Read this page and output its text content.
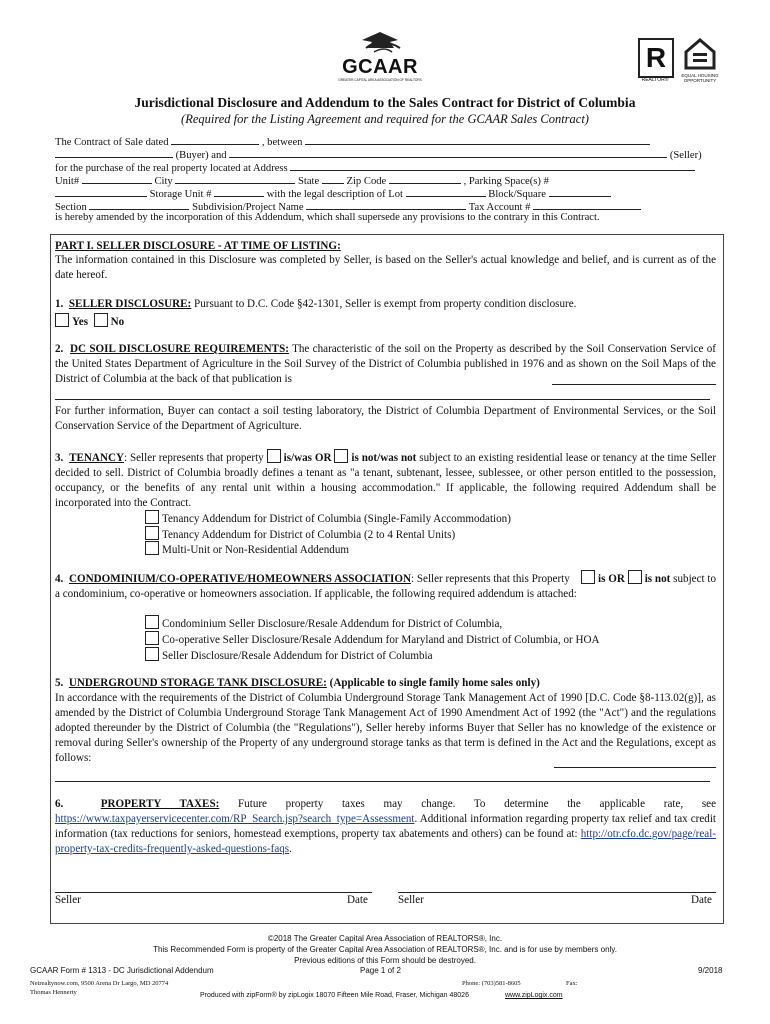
GCAAR
GREATER CAPITAL AREA ASSOCIATION OF REALTORS
R
REALTOR®
EQUAL HOUSING OPPORTUNITY
Jurisdictional Disclosure and Addendum to the Sales Contract for District of Columbia
(Required for the Listing Agreement and required for the GCAAR Sales Contract)
The Contract of Sale dated	, between
(Buyer) and	(Seller)
for the purchase of the real property located at Address
Unit#	City	State	Zip Code	, Parking Space(s) #
Storage Unit #	with the legal description of Lot	Block/Square
Section	Subdivision/Project Name	Tax Account #
is hereby amended by the incorporation of this Addendum, which shall supersede any provisions to the contrary in this Contract.
PART I. SELLER DISCLOSURE - AT TIME OF LISTING:
The information contained in this Disclosure was completed by Seller, is based on the Seller's actual knowledge and belief, and is current as of the date hereof.
1. SELLER DISCLOSURE: Pursuant to D.C. Code §42-1301, Seller is exempt from property condition disclosure.
Yes No
2. DC SOIL DISCLOSURE REQUIREMENTS: The characteristic of the soil on the Property as described by the Soil Conservation Service of the United States Department of Agriculture in the Soil Survey of the District of Columbia published in 1976 and as shown on the Soil Maps of the District of Columbia at the back of that publication is
For further information, Buyer can contact a soil testing laboratory, the District of Columbia Department of Environmental Services, or the Soil Conservation Service of the Department of Agriculture.
3. TENANCY: Seller represents that property is/was OR is not/was not subject to an existing residential lease or tenancy at the time Seller decided to sell. District of Columbia broadly defines a tenant as "a tenant, subtenant, lessee, sublessee, or other person entitled to the possession, occupancy, or the benefits of any rental unit within a housing accommodation." If applicable, the following required Addendum shall be incorporated into the Contract.
Tenancy Addendum for District of Columbia (Single-Family Accommodation)
Tenancy Addendum for District of Columbia (2 to 4 Rental Units)
Multi-Unit or Non-Residential Addendum
4. CONDOMINIUM/CO-OPERATIVE/HOMEOWNERS ASSOCIATION: Seller represents that this Property	is OR is not subject to a condominium, co-operative or homeowners association. If applicable, the following required addendum is attached:
Condominium Seller Disclosure/Resale Addendum for District of Columbia,
Co-operative Seller Disclosure/Resale Addendum for Maryland and District of Columbia, or HOA
Seller Disclosure/Resale Addendum for District of Columbia
5. UNDERGROUND STORAGE TANK DISCLOSURE: (Applicable to single family home sales only)
In accordance with the requirements of the District of Columbia Underground Storage Tank Management Act of 1990 [D.C. Code §8-113.02(g)], as amended by the District of Columbia Underground Storage Tank Management Act of 1990 Amendment Act of 1992 (the "Act") and the regulations adopted thereunder by the District of Columbia (the "Regulations"), Seller hereby informs Buyer that Seller has no knowledge of the existence or removal during Seller's ownership of the Property of any underground storage tanks as that term is defined in the Act and the Regulations, except as follows:
6.	PROPERTY TAXES: Future property taxes may change. To determine the applicable rate, see https://www.taxpayerservicecenter.com/RP_Search.jsp?search_type=Assessment. Additional information regarding property tax relief and tax credit information (tax reductions for seniors, homestead exemptions, property tax abatements and others) can be found at: http://otr.cfo.dc.gov/page/real-property-tax-credits-frequently-asked-questions-faqs.
Seller	Date	Seller	Date
©2018 The Greater Capital Area Association of REALTORS®, Inc.
This Recommended Form is property of the Greater Capital Area Association of REALTORS®, Inc. and is for use by members only.
Previous editions of this Form should be destroyed.
GCAAR Form # 1313 - DC Jurisdictional Addendum	Page 1 of 2	9/2018
Netrealtynow.com, 9500 Arena Dr Largo, MD 20774
Thomas Hennerty
Phone: (703)581-8605	Fax:
Produced with zipForm® by zipLogix 18070 Fifteen Mile Road, Fraser, Michigan 48026	www.zipLogix.com
